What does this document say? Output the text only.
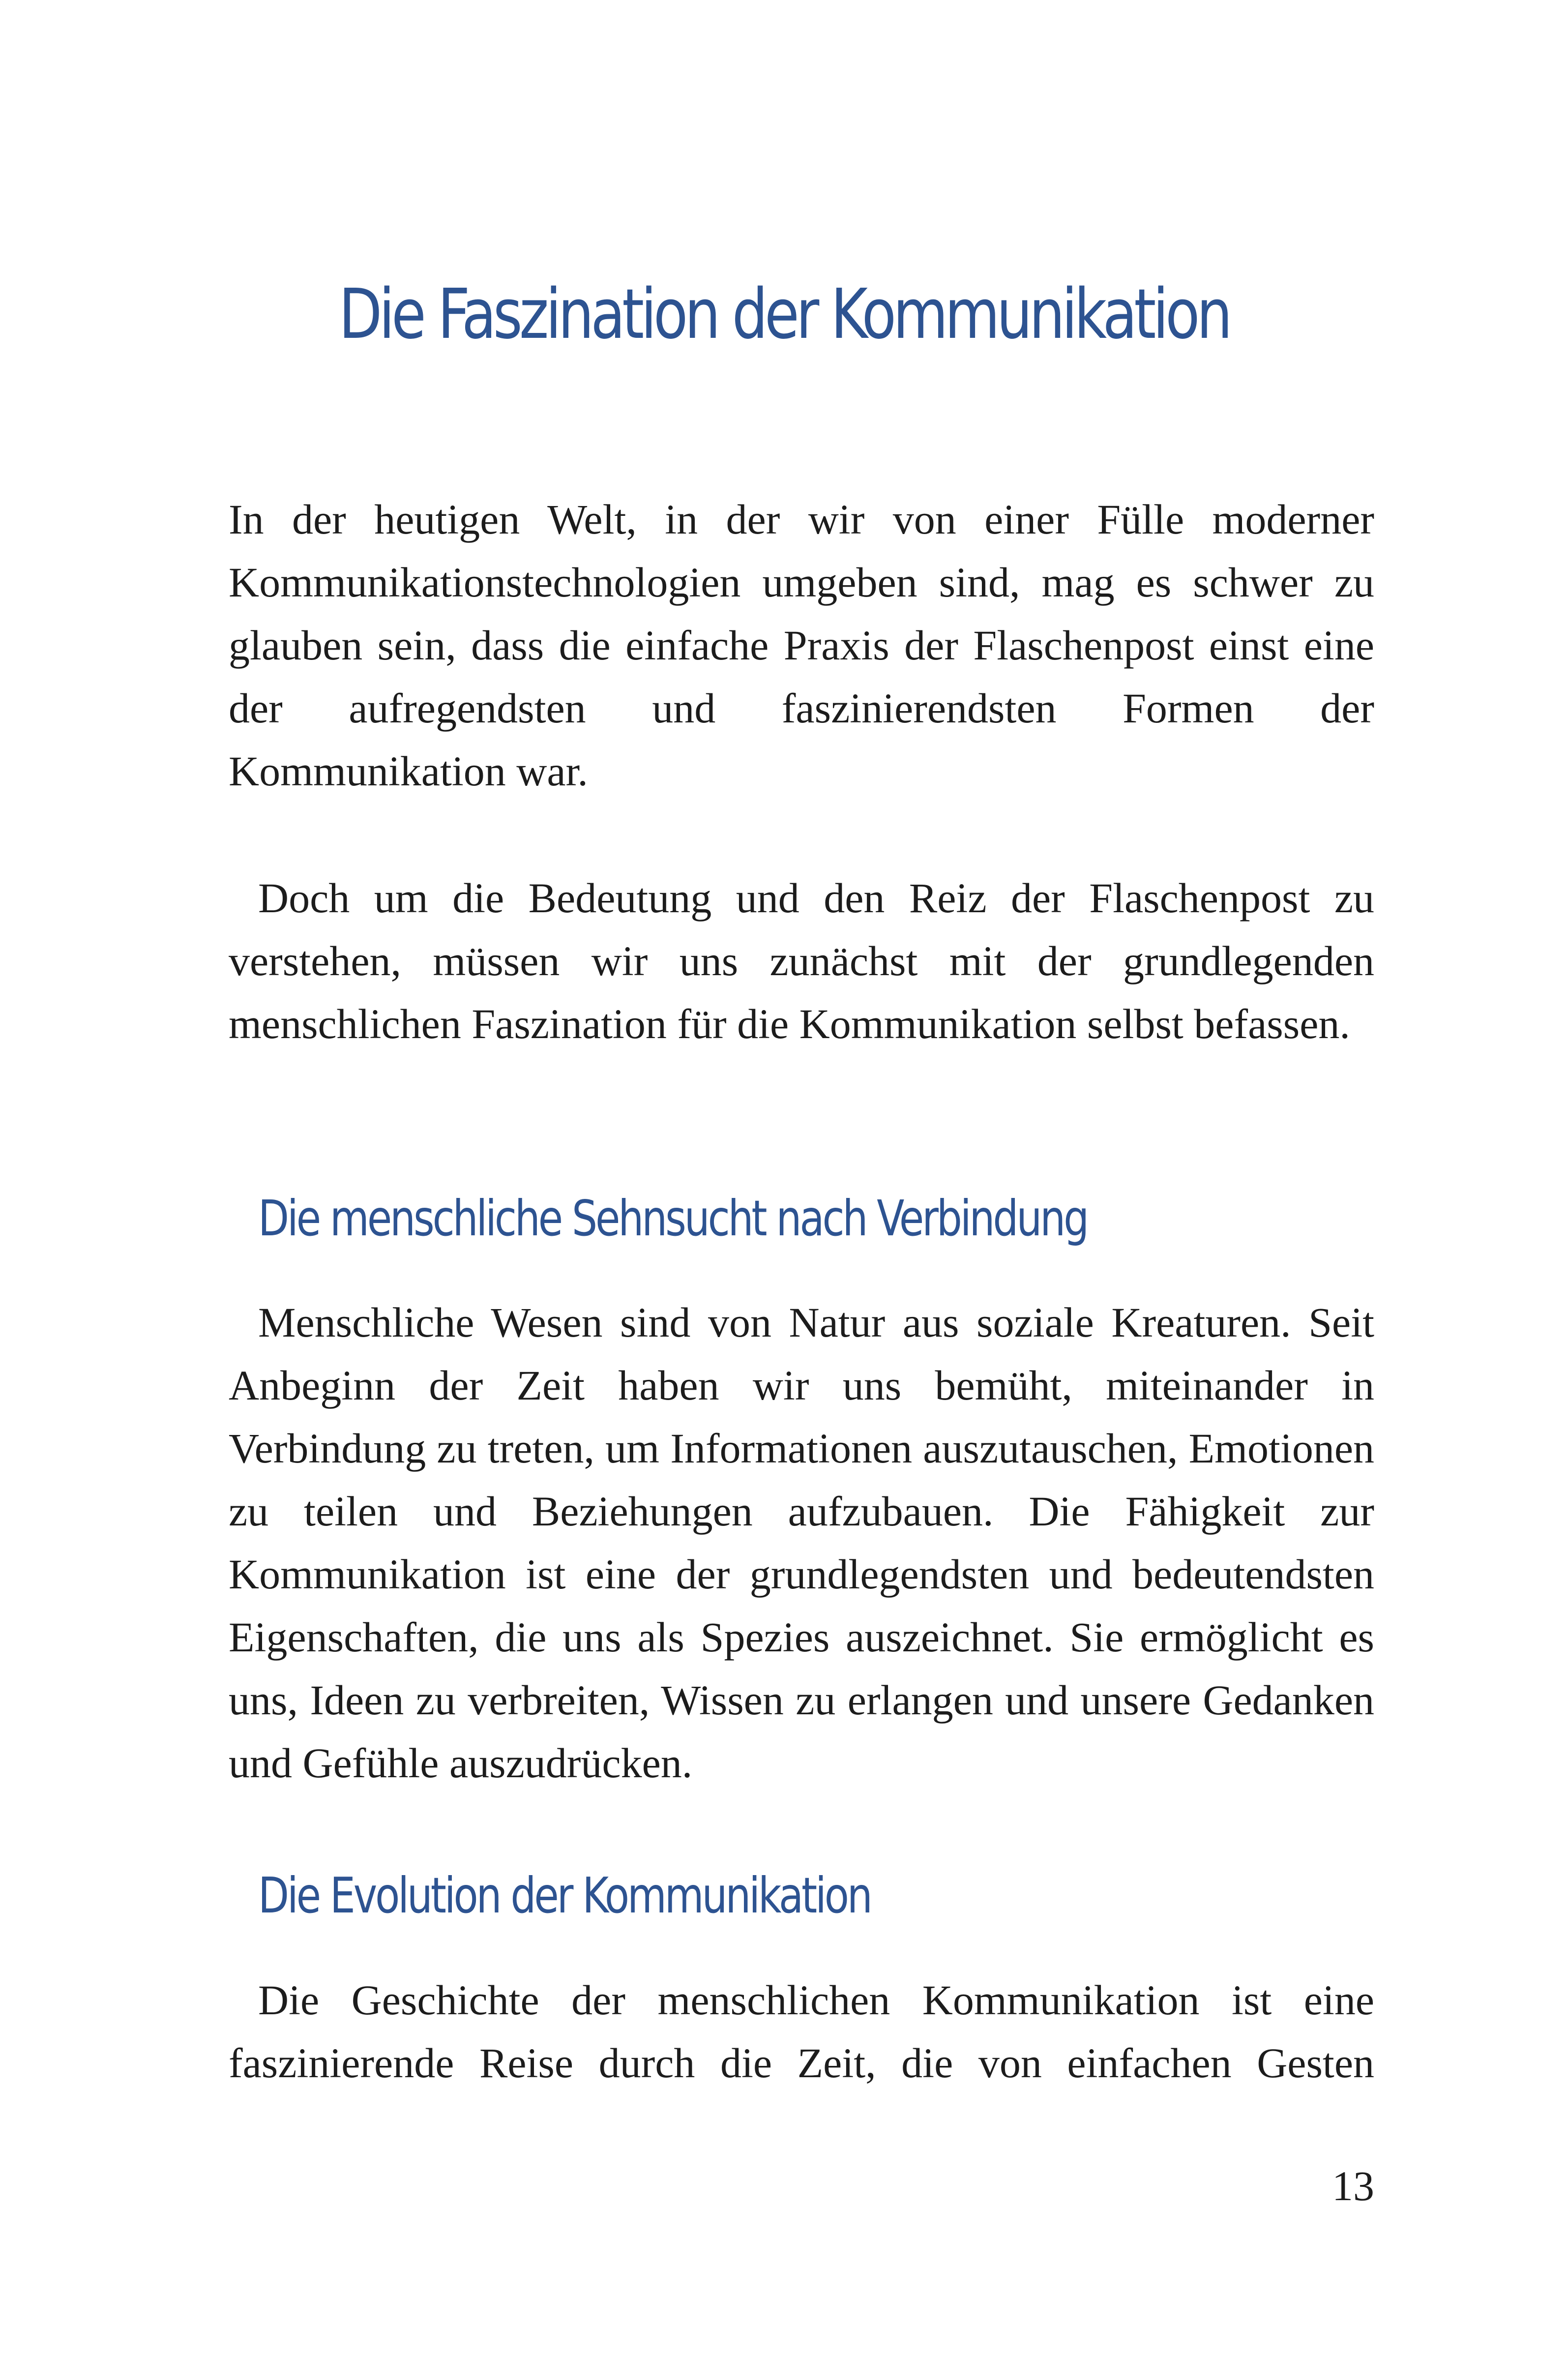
Die Faszination der Kommunikation

In der heutigen Welt, in der wir von einer Fülle moderner Kommunikationstechnologien umgeben sind, mag es schwer zu glauben sein, dass die einfache Praxis der Flaschenpost einst eine der aufregendsten und faszinierendsten Formen der Kommunikation war.

Doch um die Bedeutung und den Reiz der Flaschenpost zu verstehen, müssen wir uns zunächst mit der grundlegenden menschlichen Faszination für die Kommunikation selbst befassen.

Die menschliche Sehnsucht nach Verbindung

Menschliche Wesen sind von Natur aus soziale Kreaturen. Seit Anbeginn der Zeit haben wir uns bemüht, miteinander in Verbindung zu treten, um Informationen auszutauschen, Emotionen zu teilen und Beziehungen aufzubauen. Die Fähigkeit zur Kommunikation ist eine der grundlegendsten und bedeutendsten Eigenschaften, die uns als Spezies auszeichnet. Sie ermöglicht es uns, Ideen zu verbreiten, Wissen zu erlangen und unsere Gedanken und Gefühle auszudrücken.

Die Evolution der Kommunikation

Die Geschichte der menschlichen Kommunikation ist eine faszinierende Reise durch die Zeit, die von einfachen Gesten

13
